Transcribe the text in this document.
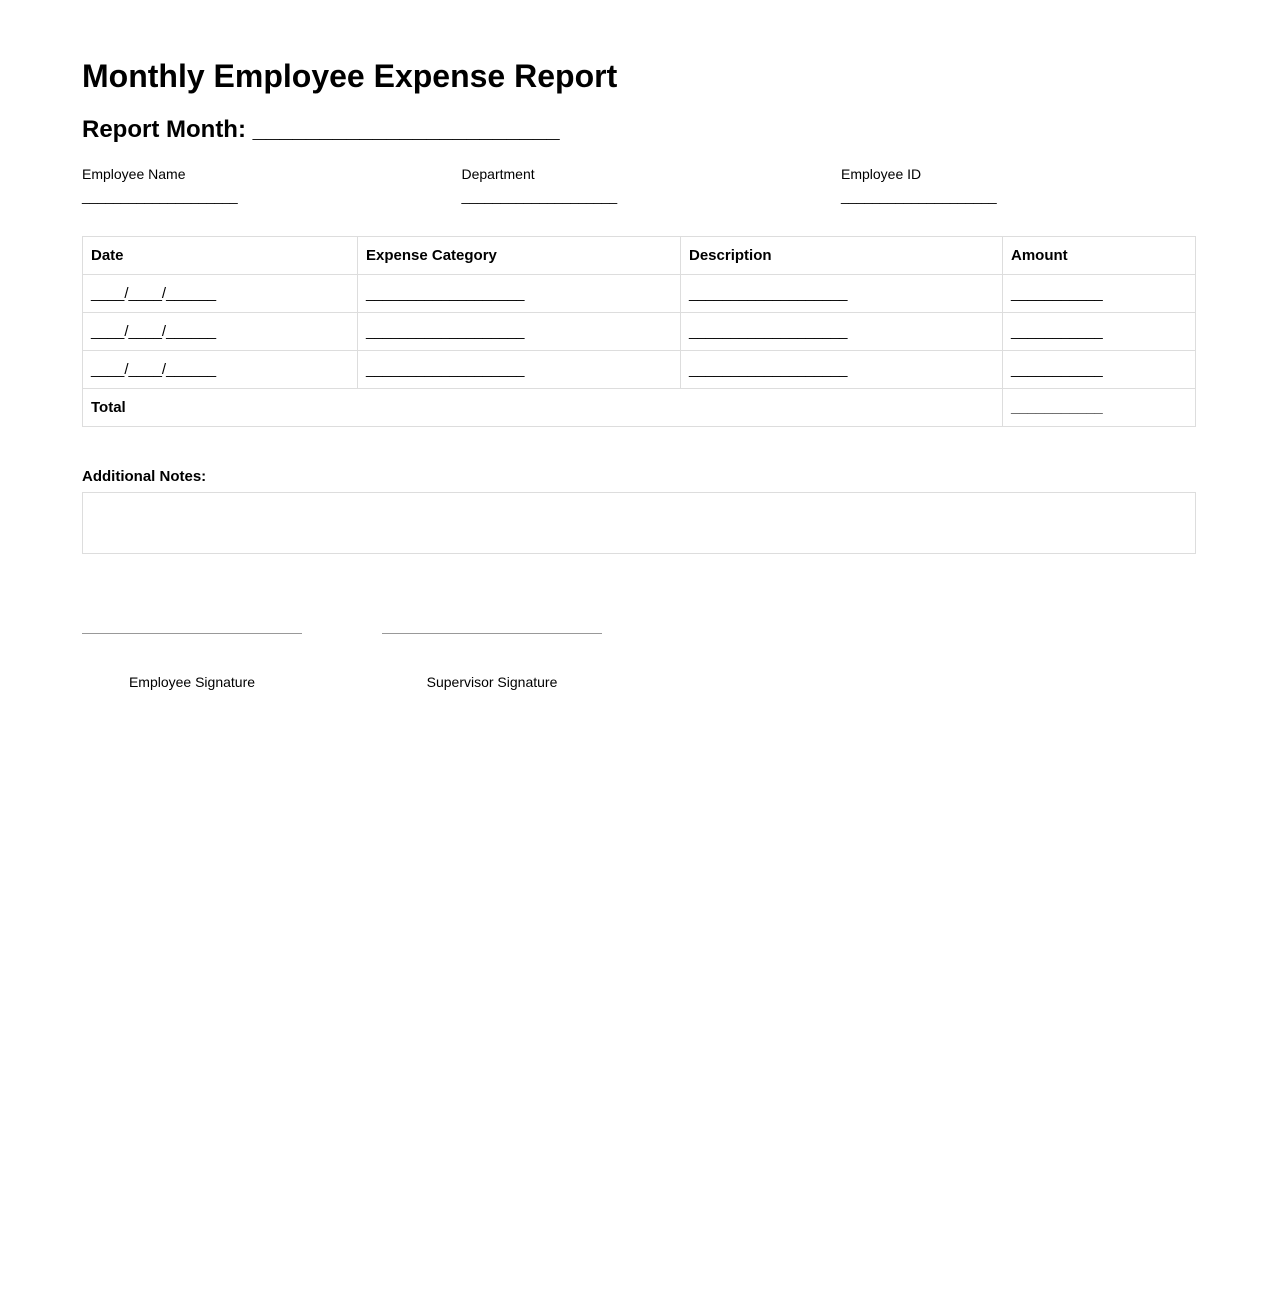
Monthly Employee Expense Report
Report Month: _______________________
Employee Name
____________________
Department
____________________
Employee ID
____________________
Date	Expense Category	Description	Amount
____/____/______	___________________	___________________	___________
____/____/______	___________________	___________________	___________
____/____/______	___________________	___________________	___________
Total			___________
Additional Notes:
Employee Signature	Supervisor Signature
